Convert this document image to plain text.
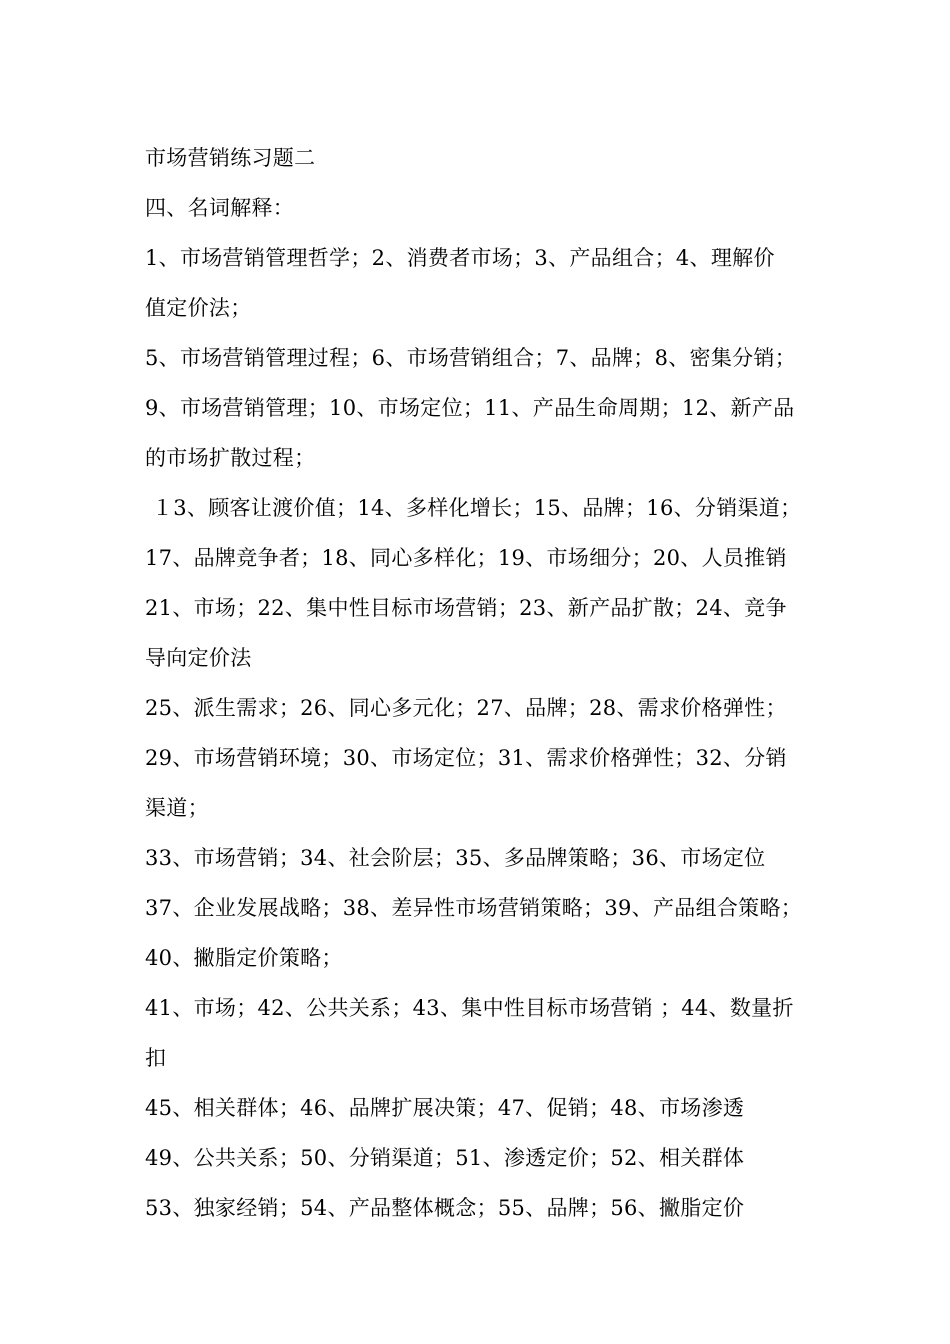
市场营销练习题二
四、名词解释：
1、市场营销管理哲学；2、消费者市场；3、产品组合；4、理解价
值定价法；
5、市场营销管理过程；6、市场营销组合；7、品牌；8、密集分销；
9、市场营销管理；10、市场定位；11、产品生命周期；12、新产品
的市场扩散过程；
１3、顾客让渡价值；14、多样化增长；15、品牌；16、分销渠道；
17、品牌竞争者；18、同心多样化；19、市场细分；20、人员推销
21、市场；22、集中性目标市场营销；23、新产品扩散；24、竞争
导向定价法
25、派生需求；26、同心多元化；27、品牌；28、需求价格弹性；
29、市场营销环境；30、市场定位；31、需求价格弹性；32、分销
渠道；
33、市场营销；34、社会阶层；35、多品牌策略；36、市场定位
37、企业发展战略；38、差异性市场营销策略；39、产品组合策略；
40、撇脂定价策略；
41、市场；42、公共关系；43、集中性目标市场营销 ；44、数量折
扣
45、相关群体；46、品牌扩展决策；47、促销；48、市场渗透
49、公共关系；50、分销渠道；51、渗透定价；52、相关群体
53、独家经销；54、产品整体概念；55、品牌；56、撇脂定价
